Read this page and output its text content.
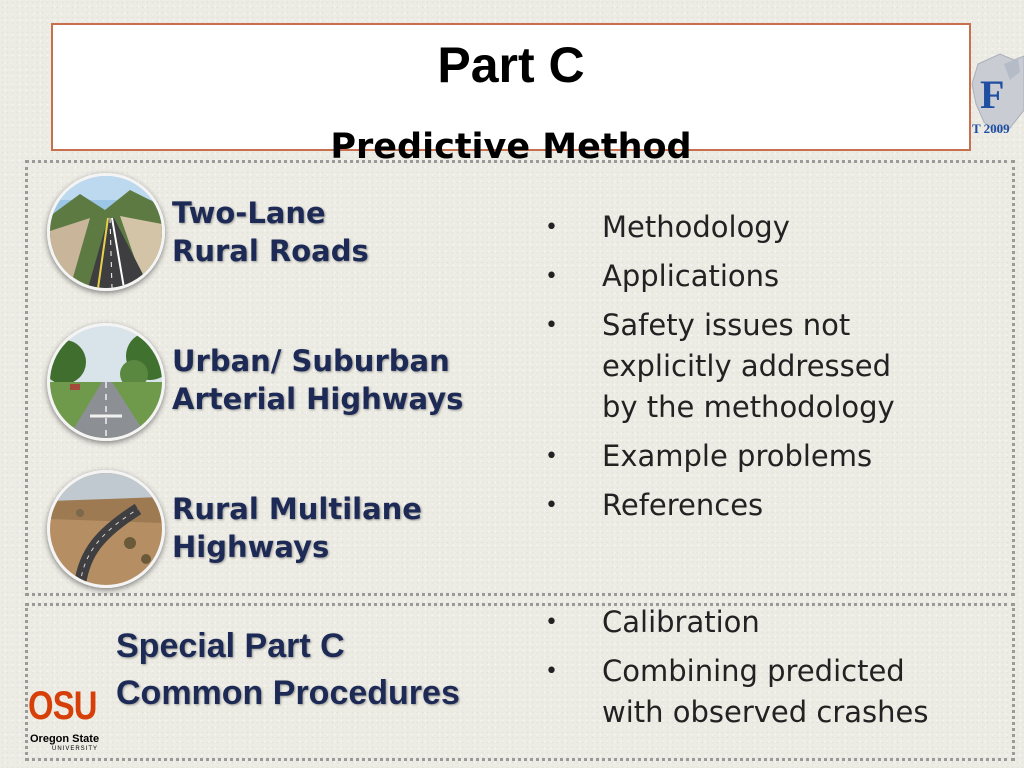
Part C
Predictive Method
F
T 2009
Two-Lane
Rural Roads
Urban/ Suburban
Arterial Highways
Rural Multilane
Highways
• Methodology
• Applications
• Safety issues not
explicitly addressed
by the methodology
• Example problems
• References
Special Part C
Common Procedures
• Calibration
• Combining predicted
with observed crashes
OSU
Oregon State
UNIVERSITY
